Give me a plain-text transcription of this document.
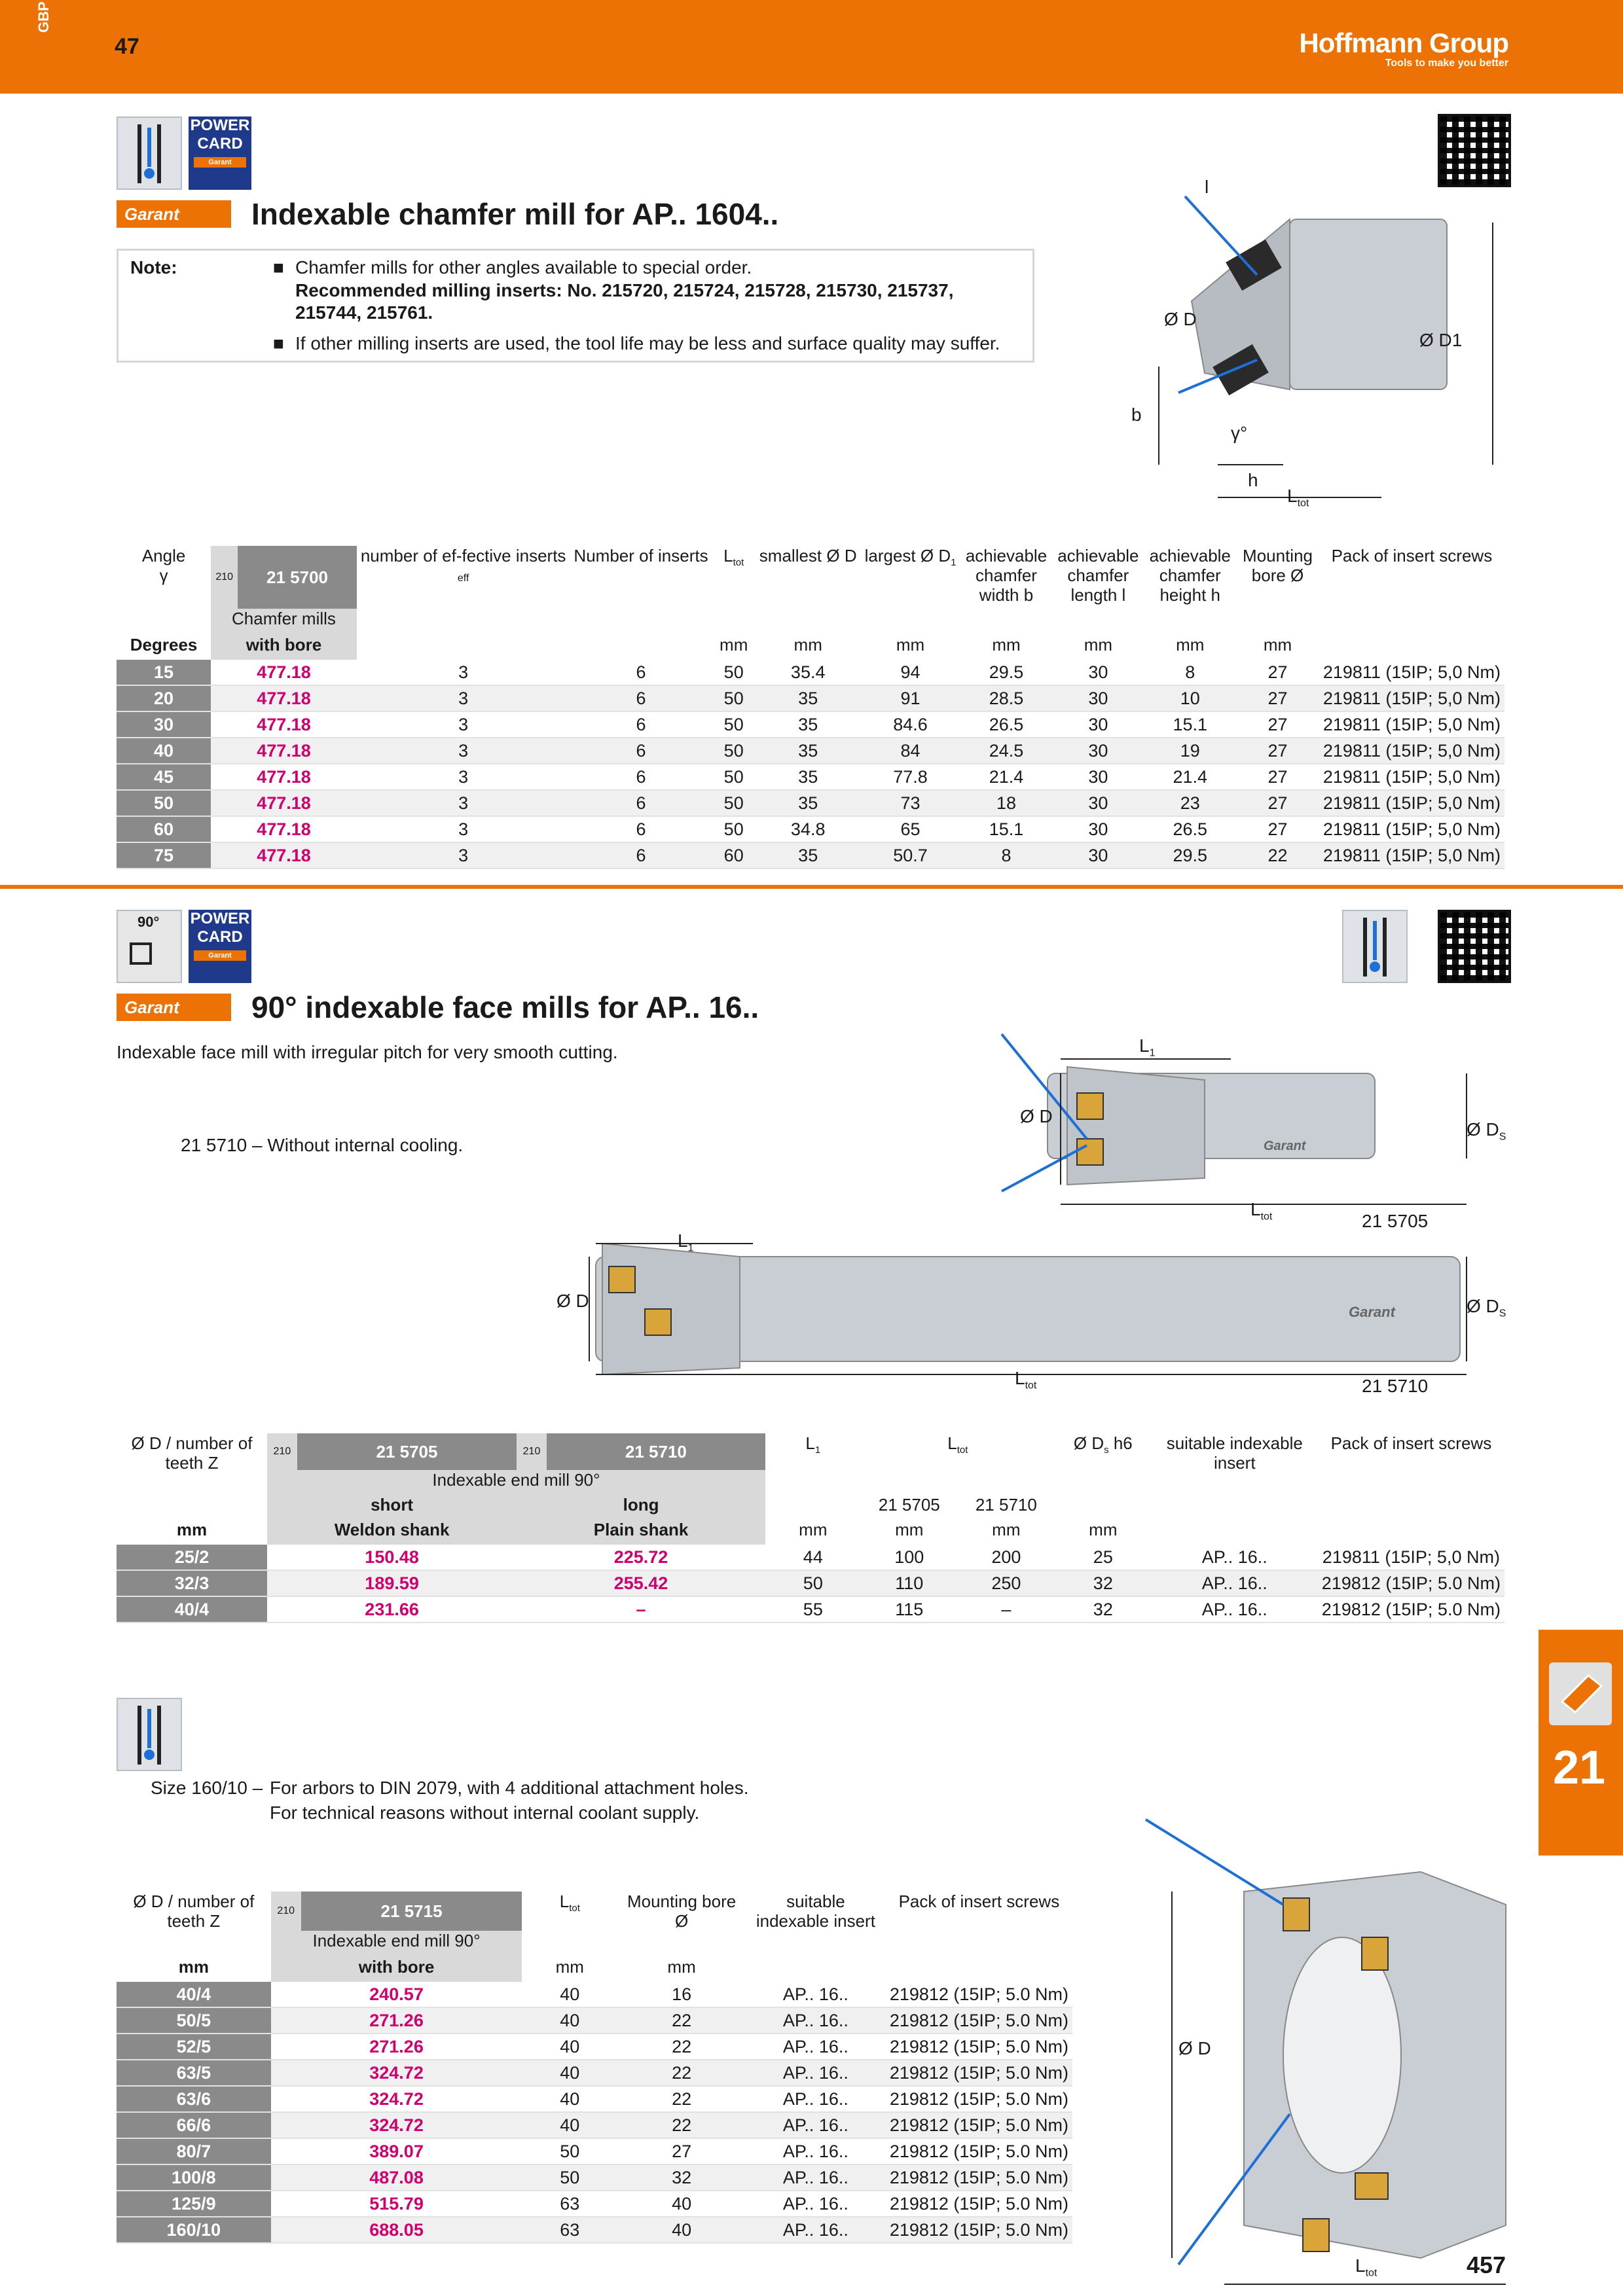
GBP
47	Hoffmann Group
Tools to make you better
POWER
CARD
Garant
Garant	Indexable chamfer mill for AP.. 1604..
Note:	■ Chamfer mills for other angles available to special order.
Recommended milling inserts: No. 215720, 215724, 215728, 215730, 215737, 215744, 215761.
■ If other milling inserts are used, the tool life may be less and surface quality may suffer.
l
Ø D
Ø D1
b
γ°
h
$L_{tot}$
Angle
γ	210	21 5700	number of ef-fective inserts
eff	Number of inserts	$L_{tot}$	smallest Ø D	largest Ø $D_1$	achievable chamfer width b	achievable chamfer length l	achievable chamfer height h	Mounting bore Ø	Pack of insert screws
	Chamfer mills											
Degrees	with bore				mm	mm	mm	mm	mm	mm	mm	
15	477.18		3	6	50	35.4	94	29.5	30	8	27	219811 (15IP; 5,0 Nm)
20	477.18		3	6	50	35	91	28.5	30	10	27	219811 (15IP; 5,0 Nm)
30	477.18		3	6	50	35	84.6	26.5	30	15.1	27	219811 (15IP; 5,0 Nm)
40	477.18		3	6	50	35	84	24.5	30	19	27	219811 (15IP; 5,0 Nm)
45	477.18		3	6	50	35	77.8	21.4	30	21.4	27	219811 (15IP; 5,0 Nm)
50	477.18		3	6	50	35	73	18	30	23	27	219811 (15IP; 5,0 Nm)
60	477.18		3	6	50	34.8	65	15.1	30	26.5	27	219811 (15IP; 5,0 Nm)
75	477.18		3	6	60	35	50.7	8	30	29.5	22	219811 (15IP; 5,0 Nm)
90° POWER
CARD
Garant
Garant	90° indexable face mills for AP.. 16..
Indexable face mill with irregular pitch for very smooth cutting.
21 5710 – Without internal cooling.
$L_1$
Ø D
Ø $D_S$
Garant
$L_{tot}$	21 5705
$L_1$
Ø D
Garant	Ø $D_S$
$L_{tot}$	21 5710
Ø D / number of teeth Z	210	21 5705	210	21 5710	$L_1$	$L_{tot}$		Ø $D_s$ h6	suitable indexable insert	Pack of insert screws
	Indexable end mill 90°									
	short		long			21 5705	21 5710			
mm	Weldon shank		Plain shank		mm	mm	mm	mm		
25/2	150.48		225.72		44	100	200	25	AP.. 16..	219811 (15IP; 5,0 Nm)
32/3	189.59		255.42		50	110	250	32	AP.. 16..	219812 (15IP; 5.0 Nm)
40/4	231.66		–		55	115	–	32	AP.. 16..	219812 (15IP; 5.0 Nm)
Size 160/10 – For arbors to DIN 2079, with 4 additional attachment holes.
For technical reasons without internal coolant supply.
Ø D
$L_{tot}$
Ø D / number of teeth Z	210	21 5715	$L_{tot}$	Mounting bore Ø	suitable indexable insert	Pack of insert screws
	Indexable end mill 90°					
mm	with bore		mm	mm		
40/4	240.57		40	16	AP.. 16..	219812 (15IP; 5.0 Nm)
50/5	271.26		40	22	AP.. 16..	219812 (15IP; 5.0 Nm)
52/5	271.26		40	22	AP.. 16..	219812 (15IP; 5.0 Nm)
63/5	324.72		40	22	AP.. 16..	219812 (15IP; 5.0 Nm)
63/6	324.72		40	22	AP.. 16..	219812 (15IP; 5.0 Nm)
66/6	324.72		40	22	AP.. 16..	219812 (15IP; 5.0 Nm)
80/7	389.07		50	27	AP.. 16..	219812 (15IP; 5.0 Nm)
100/8	487.08		50	32	AP.. 16..	219812 (15IP; 5.0 Nm)
125/9	515.79		63	40	AP.. 16..	219812 (15IP; 5.0 Nm)
160/10	688.05		63	40	AP.. 16..	219812 (15IP; 5.0 Nm)
21
457
